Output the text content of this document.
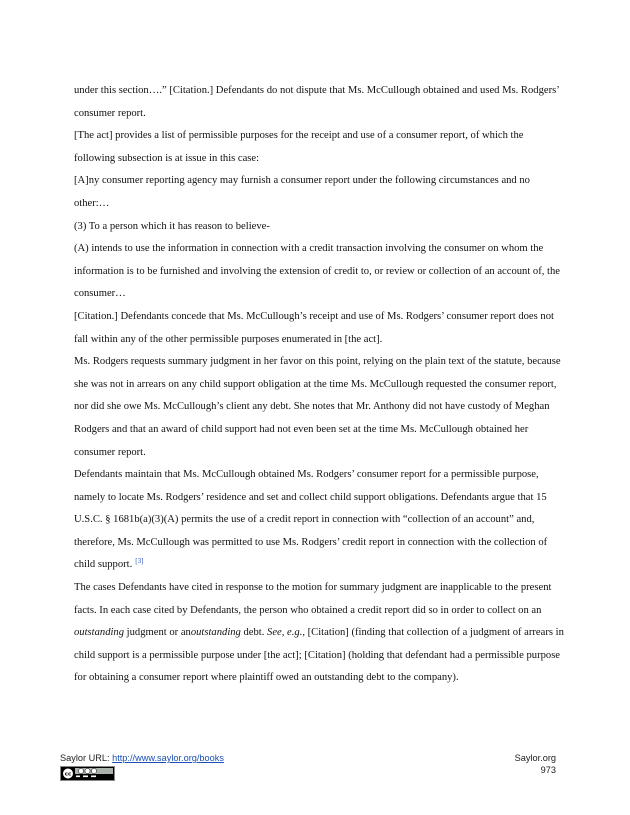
under this section….” [Citation.] Defendants do not dispute that Ms. McCullough obtained and used Ms. Rodgers’ consumer report.

[The act] provides a list of permissible purposes for the receipt and use of a consumer report, of which the following subsection is at issue in this case:

[A]ny consumer reporting agency may furnish a consumer report under the following circumstances and no other:…

(3) To a person which it has reason to believe-

(A) intends to use the information in connection with a credit transaction involving the consumer on whom the information is to be furnished and involving the extension of credit to, or review or collection of an account of, the consumer…

[Citation.] Defendants concede that Ms. McCullough’s receipt and use of Ms. Rodgers’ consumer report does not fall within any of the other permissible purposes enumerated in [the act].

Ms. Rodgers requests summary judgment in her favor on this point, relying on the plain text of the statute, because she was not in arrears on any child support obligation at the time Ms. McCullough requested the consumer report, nor did she owe Ms. McCullough’s client any debt. She notes that Mr. Anthony did not have custody of Meghan Rodgers and that an award of child support had not even been set at the time Ms. McCullough obtained her consumer report.

Defendants maintain that Ms. McCullough obtained Ms. Rodgers’ consumer report for a permissible purpose, namely to locate Ms. Rodgers’ residence and set and collect child support obligations. Defendants argue that 15 U.S.C. § 1681b(a)(3)(A) permits the use of a credit report in connection with “collection of an account” and, therefore, Ms. McCullough was permitted to use Ms. Rodgers’ credit report in connection with the collection of child support. [3]

The cases Defendants have cited in response to the motion for summary judgment are inapplicable to the present facts. In each case cited by Defendants, the person who obtained a credit report did so in order to collect on an outstanding judgment or anoutstanding debt. See, e.g., [Citation] (finding that collection of a judgment of arrears in child support is a permissible purpose under [the act]; [Citation] (holding that defendant had a permissible purpose for obtaining a consumer report where plaintiff owed an outstanding debt to the company).

Saylor URL: http://www.saylor.org/books
cc
Saylor.org
973
